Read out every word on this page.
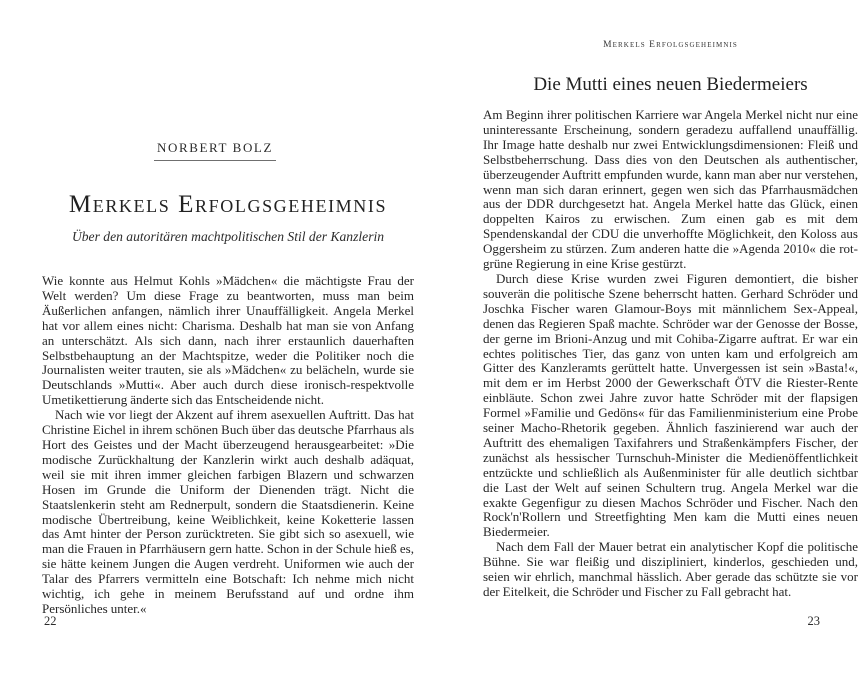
NORBERT BOLZ
Merkels Erfolgsgeheimnis
Über den autoritären machtpolitischen Stil der Kanzlerin

Wie konnte aus Helmut Kohls »Mädchen« die mächtigste Frau der Welt werden? Um diese Frage zu beantworten, muss man beim Äußerlichen anfangen, nämlich ihrer Unauffälligkeit. Angela Merkel hat vor allem eines nicht: Charisma. Deshalb hat man sie von Anfang an unterschätzt. Als sich dann, nach ihrer erstaunlich dauerhaften Selbstbehauptung an der Machtspitze, weder die Politiker noch die Journalisten weiter trauten, sie als »Mädchen« zu belächeln, wurde sie Deutschlands »Mutti«. Aber auch durch diese ironisch-respektvolle Umetikettierung änderte sich das Entscheidende nicht.

Nach wie vor liegt der Akzent auf ihrem asexuellen Auftritt. Das hat Christine Eichel in ihrem schönen Buch über das deutsche Pfarrhaus als Hort des Geistes und der Macht überzeugend herausgearbeitet: »Die modische Zurückhaltung der Kanzlerin wirkt auch deshalb adäquat, weil sie mit ihren immer gleichen farbigen Blazern und schwarzen Hosen im Grunde die Uniform der Dienenden trägt. Nicht die Staatslenkerin steht am Rednerpult, sondern die Staatsdienerin. Keine modische Übertreibung, keine Weiblichkeit, keine Koketterie lassen das Amt hinter der Person zurücktreten. Sie gibt sich so asexuell, wie man die Frauen in Pfarrhäusern gern hatte. Schon in der Schule hieß es, sie hätte keinem Jungen die Augen verdreht. Uniformen wie auch der Talar des Pfarrers vermitteln eine Botschaft: Ich nehme mich nicht wichtig, ich gehe in meinem Berufsstand auf und ordne ihm Persönliches unter.«

22
Merkels Erfolgsgeheimnis
Die Mutti eines neuen Biedermeiers

Am Beginn ihrer politischen Karriere war Angela Merkel nicht nur eine uninteressante Erscheinung, sondern geradezu auffallend unauffällig. Ihr Image hatte deshalb nur zwei Entwicklungsdimensionen: Fleiß und Selbstbeherrschung. Dass dies von den Deutschen als authentischer, überzeugender Auftritt empfunden wurde, kann man aber nur verstehen, wenn man sich daran erinnert, gegen wen sich das Pfarrhausmädchen aus der DDR durchgesetzt hat. Angela Merkel hatte das Glück, einen doppelten Kairos zu erwischen. Zum einen gab es mit dem Spendenskandal der CDU die unverhoffte Möglichkeit, den Koloss aus Oggersheim zu stürzen. Zum anderen hatte die »Agenda 2010« die rot-grüne Regierung in eine Krise gestürzt.

Durch diese Krise wurden zwei Figuren demontiert, die bisher souverän die politische Szene beherrscht hatten. Gerhard Schröder und Joschka Fischer waren Glamour-Boys mit männlichem Sex-Appeal, denen das Regieren Spaß machte. Schröder war der Genosse der Bosse, der gerne im Brioni-Anzug und mit Cohiba-Zigarre auftrat. Er war ein echtes politisches Tier, das ganz von unten kam und erfolgreich am Gitter des Kanzleramts gerüttelt hatte. Unvergessen ist sein »Basta!«, mit dem er im Herbst 2000 der Gewerkschaft ÖTV die Riester-Rente einbläute. Schon zwei Jahre zuvor hatte Schröder mit der flapsigen Formel »Familie und Gedöns« für das Familienministerium eine Probe seiner Macho-Rhetorik gegeben. Ähnlich faszinierend war auch der Auftritt des ehemaligen Taxifahrers und Straßenkämpfers Fischer, der zunächst als hessischer Turnschuh-Minister die Medienöffentlichkeit entzückte und schließlich als Außenminister für alle deutlich sichtbar die Last der Welt auf seinen Schultern trug. Angela Merkel war die exakte Gegenfigur zu diesen Machos Schröder und Fischer. Nach den Rock'n'Rollern und Streetfighting Men kam die Mutti eines neuen Biedermeier.

Nach dem Fall der Mauer betrat ein analytischer Kopf die politische Bühne. Sie war fleißig und diszipliniert, kinderlos, geschieden und, seien wir ehrlich, manchmal hässlich. Aber gerade das schützte sie vor der Eitelkeit, die Schröder und Fischer zu Fall gebracht hat.

23
